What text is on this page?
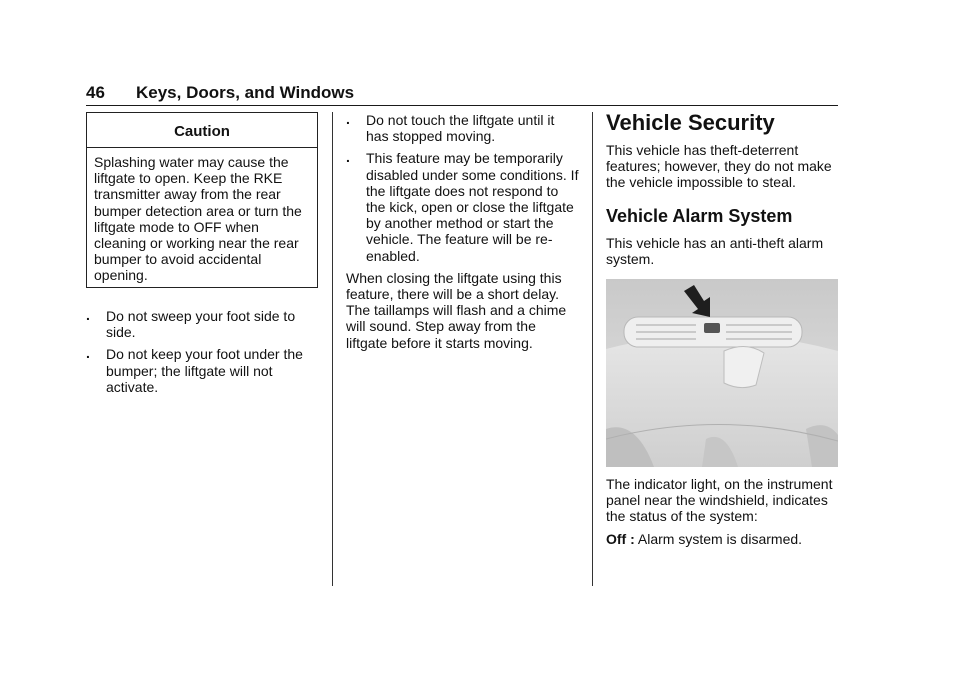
46 Keys, Doors, and Windows
Caution
Splashing water may cause the liftgate to open. Keep the RKE transmitter away from the rear bumper detection area or turn the liftgate mode to OFF when cleaning or working near the rear bumper to avoid accidental opening.
. Do not sweep your foot side to side.
. Do not keep your foot under the bumper; the liftgate will not activate.
. Do not touch the liftgate until it has stopped moving.
. This feature may be temporarily disabled under some conditions. If the liftgate does not respond to the kick, open or close the liftgate by another method or start the vehicle. The feature will be re-enabled.

When closing the liftgate using this feature, there will be a short delay. The taillamps will flash and a chime will sound. Step away from the liftgate before it starts moving.

Vehicle Security

This vehicle has theft-deterrent features; however, they do not make the vehicle impossible to steal.

Vehicle Alarm System

This vehicle has an anti-theft alarm system.

The indicator light, on the instrument panel near the windshield, indicates the status of the system:

Off : Alarm system is disarmed.
